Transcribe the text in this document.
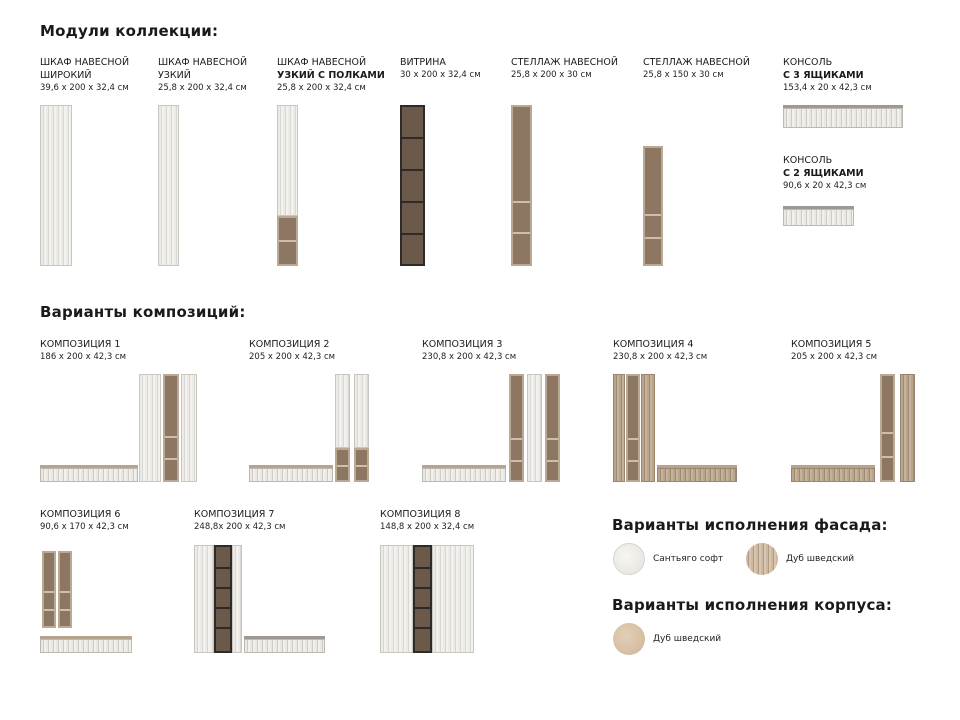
Модули коллекции:
Варианты композиций:
Варианты исполнения фасада:
Варианты исполнения корпуса:
ШКАФ НАВЕСНОЙ
ШИРОКИЙ
39,6 x 200 x 32,4 см
ШКАФ НАВЕСНОЙ
УЗКИЙ
25,8 x 200 x 32,4 см
ШКАФ НАВЕСНОЙ
УЗКИЙ С ПОЛКАМИ
25,8 x 200 x 32,4 см
ВИТРИНА
30 x 200 x 32,4 см
СТЕЛЛАЖ НАВЕСНОЙ
25,8 x 200 x 30 см
СТЕЛЛАЖ НАВЕСНОЙ
25,8 x 150 x 30 см
КОНСОЛЬ
С 3 ЯЩИКАМИ
153,4 x 20 x 42,3 см
КОНСОЛЬ
С 2 ЯЩИКАМИ
90,6 x 20 x 42,3 см
КОМПОЗИЦИЯ 1
186 x 200 x 42,3 см
КОМПОЗИЦИЯ 2
205 x 200 x 42,3 см
КОМПОЗИЦИЯ 3
230,8 x 200 x 42,3 см
КОМПОЗИЦИЯ 4
230,8 x 200 x 42,3 см
КОМПОЗИЦИЯ 5
205 x 200 x 42,3 см
КОМПОЗИЦИЯ 6
90,6 x 170 x 42,3 см
КОМПОЗИЦИЯ 7
248,8x 200 x 42,3 см
КОМПОЗИЦИЯ 8
148,8 x 200 x 32,4 см
Сантьяго софт	Дуб шведский
Дуб шведский
